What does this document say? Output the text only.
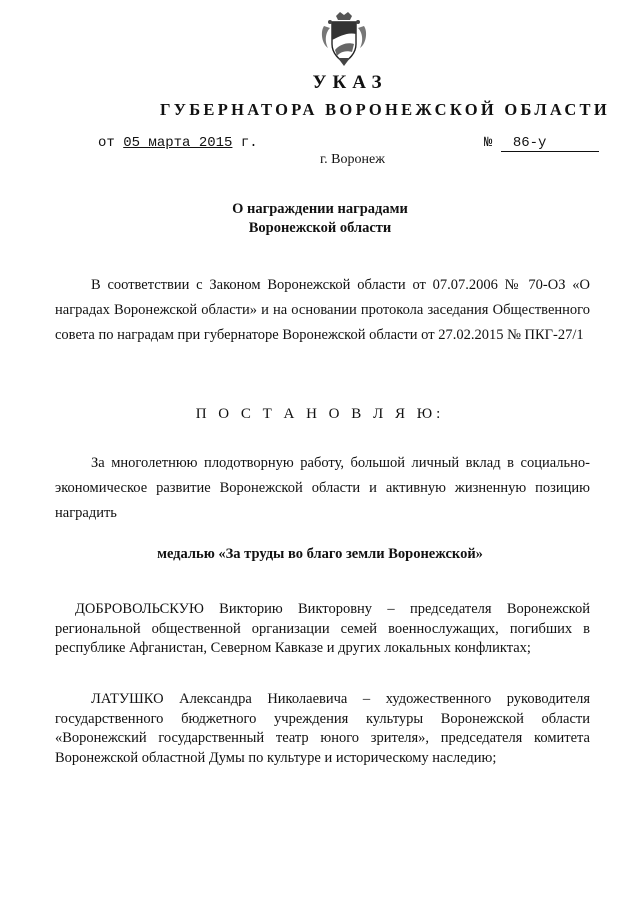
УКАЗ
ГУБЕРНАТОРА ВОРОНЕЖСКОЙ ОБЛАСТИ
от 05 марта 2015 г.	№ 86-у
г. Воронеж
О награждении наградами
Воронежской области
В соответствии с Законом Воронежской области от 07.07.2006 № 70-ОЗ «О наградах Воронежской области» и на основании протокола заседания Общественного совета по наградам при губернаторе Воронежской области от 27.02.2015 № ПКГ-27/1
П О С Т А Н О В Л Я Ю:
За многолетнюю плодотворную работу, большой личный вклад в социально-экономическое развитие Воронежской области и активную жизненную позицию наградить
медалью «За труды во благо земли Воронежской»
ДОБРОВОЛЬСКУЮ Викторию Викторовну – председателя Воронежской региональной общественной организации семей военнослужащих, погибших в республике Афганистан, Северном Кавказе и других локальных конфликтах;
ЛАТУШКО Александра Николаевича – художественного руководителя государственного бюджетного учреждения культуры Воронежской области «Воронежский государственный театр юного зрителя», председателя комитета Воронежской областной Думы по культуре и историческому наследию;
